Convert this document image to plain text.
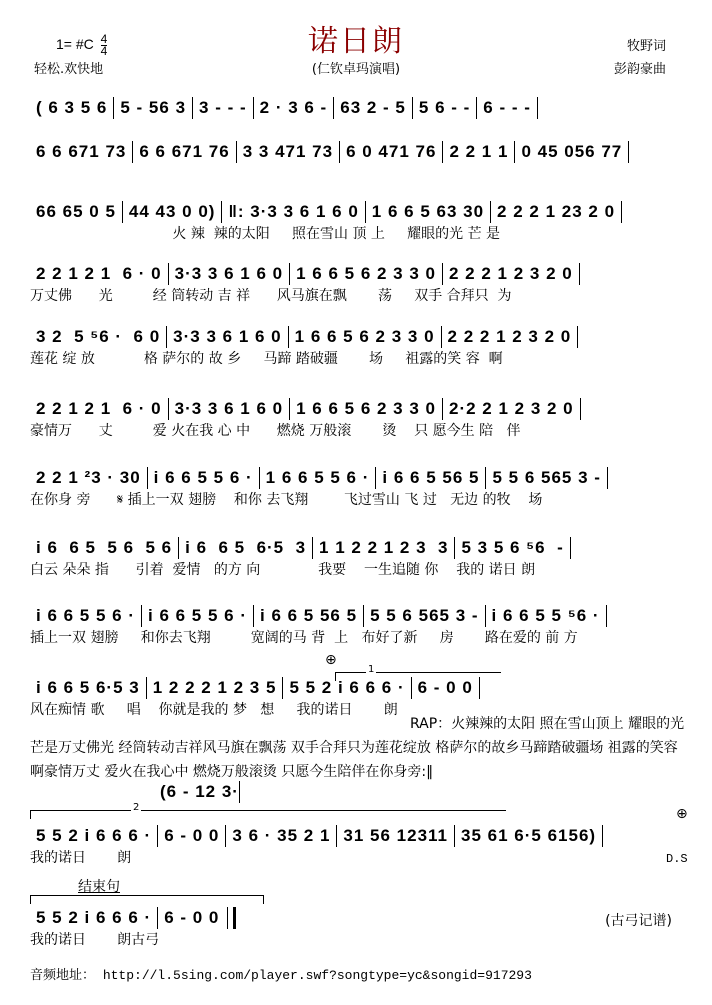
1= #C $\frac{4}{4}$
轻松.欢快地
诺日朗
(仁钦卓玛演唱)
牧野词
彭韵豪曲
( 6 3 5 6 5 - 56 3 3 - - - 2 · 3 6 - 63 2 - 5 5 6 - - 6 - - -
6 6 671 73 6 6 671 76 3 3 471 73 6 0 471 76 2 2 1 1 0 45 056 77
66 65 0 5 44 43 0 0) ‖: 3·3 3 6 1 6 0 1 6 6 5 63 30 2 2 2 1 23 2 0
火 辣  辣的太阳     照在雪山 顶 上     耀眼的光 芒 是
2 2 1 2 1  6 · 0 3·3 3 6 1 6 0 1 6 6 5 6 2 3 3 0 2 2 2 1 2 3 2 0
万丈佛      光         经 筒转动 吉 祥      风马旗在飘       荡     双手 合拜只  为
3 2  5 ⁵6 ·  6 0 3·3 3 6 1 6 0 1 6 6 5 6 2 3 3 0 2 2 2 1 2 3 2 0
莲花 绽 放           格 萨尔的 故 乡     马蹄 踏破疆       场     祖露的笑 容  啊
2 2 1 2 1  6 · 0 3·3 3 6 1 6 0 1 6 6 5 6 2 3 3 0 2·2 2 1 2 3 2 0
豪情万      丈         爱 火在我 心 中      燃烧 万般滚       烫    只 愿今生 陪   伴
2 2 1 ²3 · 30 i 6 6 5 5 6 · 1 6 6 5 5 6 · i 6 6 5 56 5 5 5 6 565 3 -
在你身 旁      𝄋 插上一双 翅膀    和你 去飞翔        飞过雪山 飞 过   无边 的牧    场
i 6  6 5  5 6  5 6 i 6  6 5  6·5  3 1 1 2 2 1 2 3  3 5 3 5 6 ⁵6  -
白云 朵朵 指      引着  爱情   的方 向             我要    一生追随 你    我的 诺日 朗
i 6 6 5 5 6 · i 6 6 5 5 6 · i 6 6 5 56 5 5 5 6 565 3 - i 6 6 5 5 ⁵6 ·
插上一双 翅膀     和你去飞翔         宽阔的马 背  上   布好了新     房       路在爱的 前 方
i 6 6 5 6·5 3 1 2 2 2 1 2 3 5 5 5 2 i 6 6 6 · 6 - 0 0
风在痴情 歌     唱    你就是我的 梦   想     我的诺日       朗
RAP：火辣辣的太阳 照在雪山顶上 耀眼的光芒是万丈佛光 经筒转动吉祥风马旗在飘荡 双手合拜只为莲花绽放 格萨尔的故乡马蹄踏破疆场 祖露的笑容啊豪情万丈 爱火在我心中 燃烧万般滚烫 只愿今生陪伴在你身旁:‖
⊕
1
(6 - 12 3·
2	⊕
5 5 2 i 6 6 6 · 6 - 0 0 3 6 · 35 2 1 31 56 12311 35 61 6·5 6156)
我的诺日       朗	D.S
结束句
5 5 2 i 6 6 6 · 6 - 0 0
我的诺日       朗古弓
(古弓记谱)
音频地址： http://l.5sing.com/player.swf?songtype=yc&songid=917293
